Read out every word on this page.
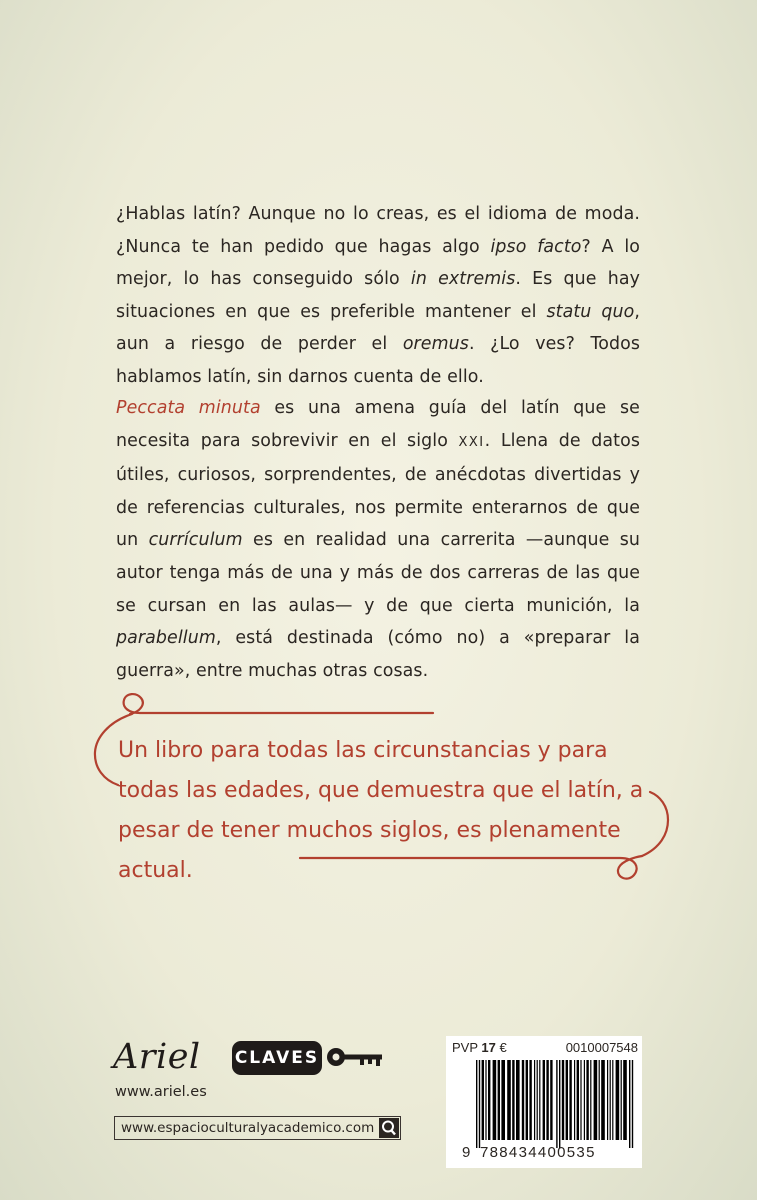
¿Hablas latín? Aunque no lo creas, es el idioma de moda. ¿Nunca te han pedido que hagas algo ipso facto? A lo mejor, lo has conseguido sólo in extremis. Es que hay situaciones en que es preferible mantener el statu quo, aun a riesgo de perder el oremus. ¿Lo ves? Todos hablamos latín, sin darnos cuenta de ello.
Peccata minuta es una amena guía del latín que se necesita para sobrevivir en el siglo XXI. Llena de datos útiles, curiosos, sorprendentes, de anécdotas divertidas y de referencias culturales, nos permite enterarnos de que un currículum es en realidad una carrerita —aunque su autor tenga más de una y más de dos carreras de las que se cursan en las aulas— y de que cierta munición, la parabellum, está destinada (cómo no) a «preparar la guerra», entre muchas otras cosas.
Un libro para todas las circunstancias y para todas las edades, que demuestra que el latín, a pesar de tener muchos siglos, es plenamente actual.
Ariel CLAVES
www.ariel.es
www.espacioculturalyacademico.com
PVP 17 €	0010007548
9 788434400535
